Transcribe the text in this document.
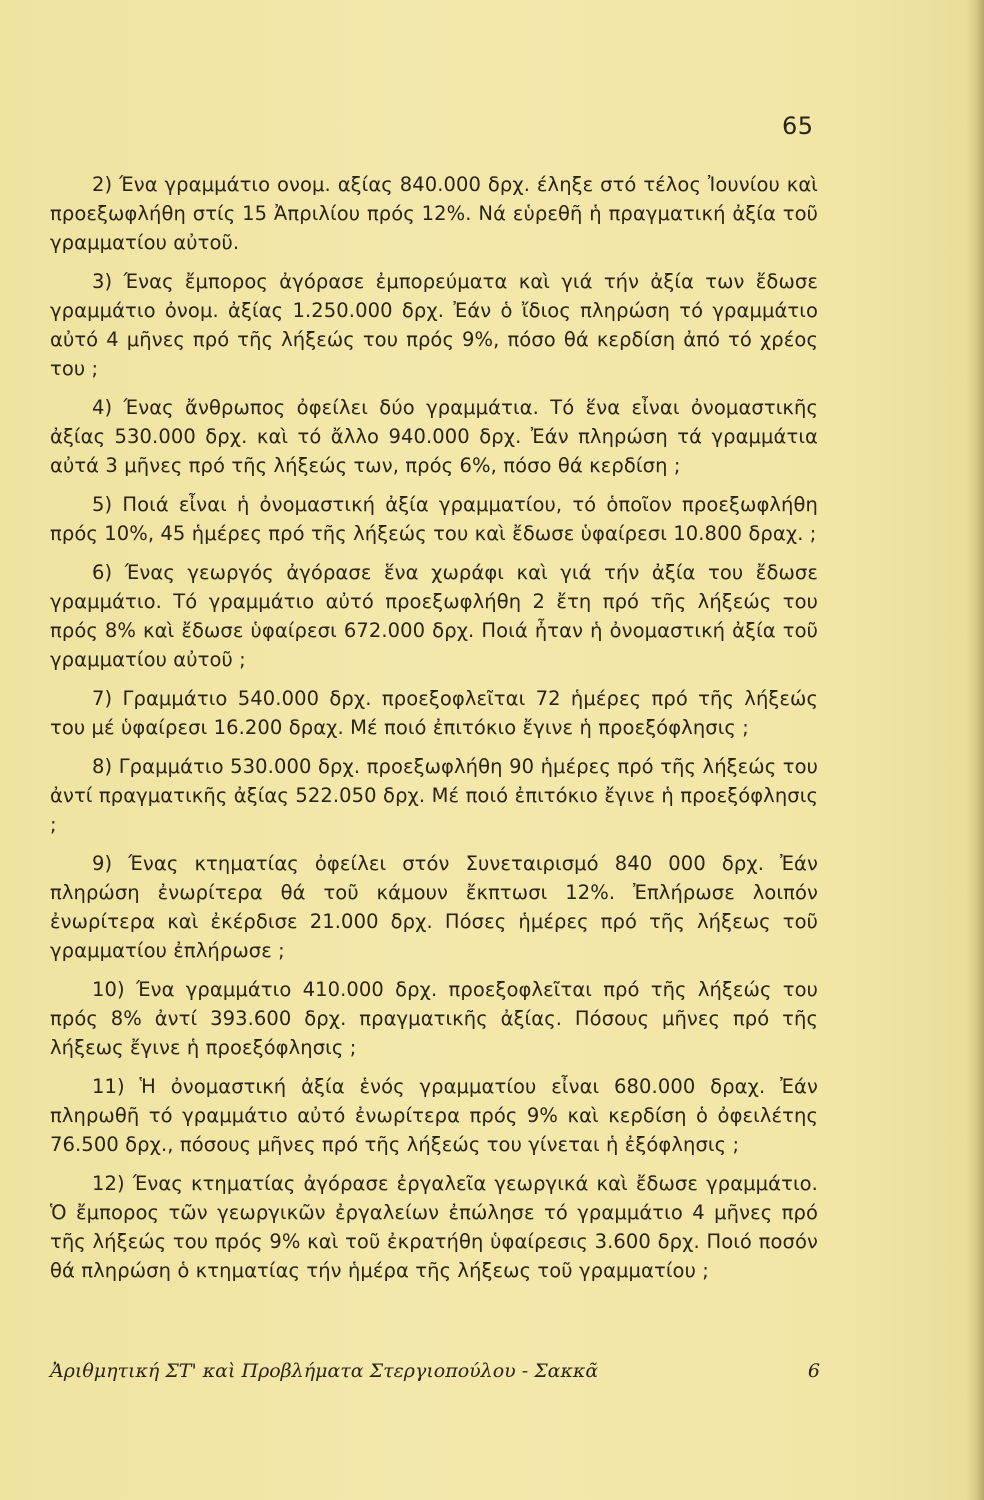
65

2) Ένα γραμμάτιο ονομ. αξίας 840.000 δρχ. έληξε στό τέλος Ἰουνίου καὶ προεξωφλήθη στίς 15 Ἀπριλίου πρός 12%. Νά εὑρεθῆ ἡ πραγματική ἀξία τοῦ γραμματίου αὐτοῦ.

3) Ένας ἔμπορος ἀγόρασε ἐμπορεύματα καὶ γιά τήν ἀξία των ἔδωσε γραμμάτιο ὀνομ. ἀξίας 1.250.000 δρχ. Ἐάν ὁ ἴδιος πληρώση τό γραμμάτιο αὐτό 4 μῆνες πρό τῆς λήξεώς του πρός 9%, πόσο θά κερδίση ἀπό τό χρέος του ;

4) Ένας ἄνθρωπος ὀφείλει δύο γραμμάτια. Τό ἕνα εἶναι ὀνομαστικῆς ἀξίας 530.000 δρχ. καὶ τό ἄλλο 940.000 δρχ. Ἐάν πληρώση τά γραμμάτια αὐτά 3 μῆνες πρό τῆς λήξεώς των, πρός 6%, πόσο θά κερδίση ;

5) Ποιά εἶναι ἡ ὀνομαστική ἀξία γραμματίου, τό ὁποῖον προεξωφλήθη πρός 10%, 45 ἡμέρες πρό τῆς λήξεώς του καὶ ἔδωσε ὑφαίρεσι 10.800 δραχ. ;

6) Ένας γεωργός ἀγόρασε ἕνα χωράφι καὶ γιά τήν ἀξία του ἔδωσε γραμμάτιο. Τό γραμμάτιο αὐτό προεξωφλήθη 2 ἔτη πρό τῆς λήξεώς του πρός 8% καὶ ἔδωσε ὑφαίρεσι 672.000 δρχ. Ποιά ἦταν ἡ ὀνομαστική ἀξία τοῦ γραμματίου αὐτοῦ ;

7) Γραμμάτιο 540.000 δρχ. προεξοφλεῖται 72 ἡμέρες πρό τῆς λήξεώς του μέ ὑφαίρεσι 16.200 δραχ. Μέ ποιό ἐπιτόκιο ἔγινε ἡ προεξόφλησις ;

8) Γραμμάτιο 530.000 δρχ. προεξωφλήθη 90 ἡμέρες πρό τῆς λήξεώς του ἀντί πραγματικῆς ἀξίας 522.050 δρχ. Μέ ποιό ἐπιτόκιο ἔγινε ἡ προεξόφλησις ;

9) Ένας κτηματίας ὀφείλει στόν Συνεταιρισμό 840 000 δρχ. Ἐάν πληρώση ἐνωρίτερα θά τοῦ κάμουν ἔκπτωσι 12%. Ἐπλήρωσε λοιπόν ἐνωρίτερα καὶ ἐκέρδισε 21.000 δρχ. Πόσες ἡμέρες πρό τῆς λήξεως τοῦ γραμματίου ἐπλήρωσε ;

10) Ένα γραμμάτιο 410.000 δρχ. προεξοφλεῖται πρό τῆς λήξεώς του πρός 8% ἀντί 393.600 δρχ. πραγματικῆς ἀξίας. Πόσους μῆνες πρό τῆς λήξεως ἔγινε ἡ προεξόφλησις ;

11) Ἡ ὀνομαστική ἀξία ἑνός γραμματίου εἶναι 680.000 δραχ. Ἐάν πληρωθῆ τό γραμμάτιο αὐτό ἐνωρίτερα πρός 9% καὶ κερδίση ὁ ὀφειλέτης 76.500 δρχ., πόσους μῆνες πρό τῆς λήξεώς του γίνεται ἡ ἐξόφλησις ;

12) Ένας κτηματίας ἀγόρασε ἐργαλεῖα γεωργικά καὶ ἔδωσε γραμμάτιο. Ὁ ἔμπορος τῶν γεωργικῶν ἐργαλείων ἐπώλησε τό γραμμάτιο 4 μῆνες πρό τῆς λήξεώς του πρός 9% καὶ τοῦ ἐκρατήθη ὑφαίρεσις 3.600 δρχ. Ποιό ποσόν θά πληρώση ὁ κτηματίας τήν ἡμέρα τῆς λήξεως τοῦ γραμματίου ;

Ἀριθμητική ΣΤ' καὶ Προβλήματα Στεργιοπούλου - Σακκᾶ	6
